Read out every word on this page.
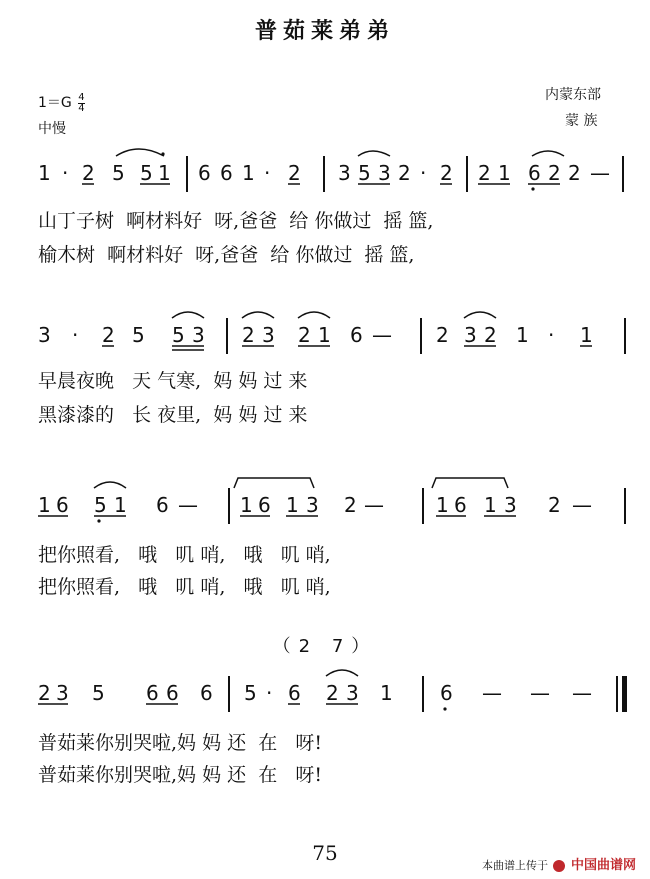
普茹莱弟弟
内蒙东部
蒙 族
$1=G \frac{4}{4}$
中慢
1 · 2 5 5 1 6 6 1 · 2 3 5 3 2 · 2 2 1 6 2 2 —
山丁子树  啊材料好  呀,爸爸  给 你做过  摇 篮,
榆木树  啊材料好  呀,爸爸  给 你做过  摇 篮,
3 · 2 5 5 3 2 3 2 1 6 — 2 3 2 1 · 1
早晨夜晚   天 气寒,  妈 妈 过 来
黑漆漆的   长 夜里,  妈 妈 过 来
1 6 5 1 6 — 1 6 1 3 2 —	1 6 1 3 2 —
把你照看,   哦   叽 哨,   哦   叽 哨,
把你照看,   哦   叽 哨,   哦   叽 哨,
（2 7）
2 3 5 6 6 6 5 · 6 2 3 1 6 — — —
普茹莱你别哭啦,妈 妈 还  在   呀!
普茹莱你别哭啦,妈 妈 还  在   呀!
75
本曲谱上传于 中国曲谱网
